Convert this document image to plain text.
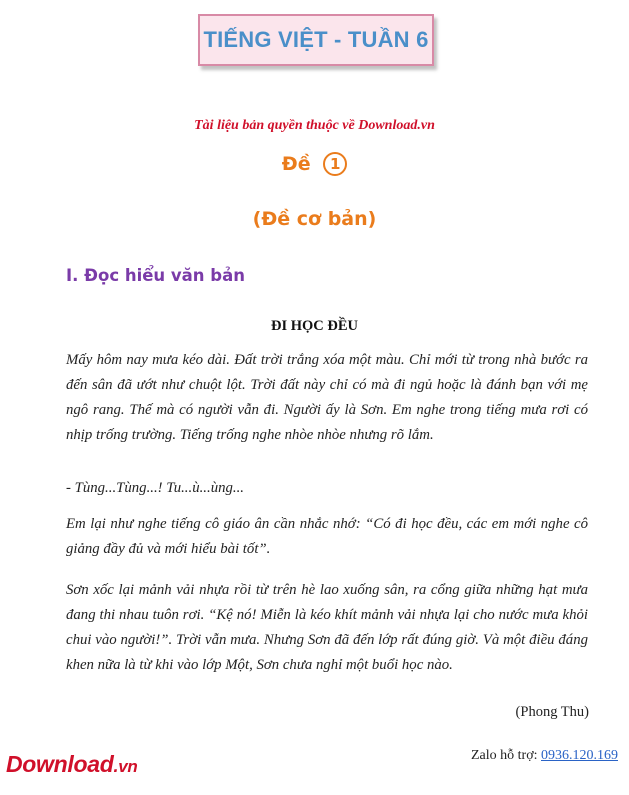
TIẾNG VIỆT - TUẦN 6
Tài liệu bản quyền thuộc về Download.vn
Đề 1
(Đề cơ bản)
I. Đọc hiểu văn bản
ĐI HỌC ĐỀU
Mấy hôm nay mưa kéo dài. Đất trời trắng xóa một màu. Chỉ mới từ trong nhà bước ra đến sân đã ướt như chuột lột. Trời đất này chỉ có mà đi ngủ hoặc là đánh bạn với mẹ ngô rang. Thế mà có người vẫn đi. Người ấy là Sơn. Em nghe trong tiếng mưa rơi có nhịp trống trường. Tiếng trống nghe nhòe nhòe nhưng rõ lắm.
- Tùng...Tùng...! Tu...ù...ùng...
Em lại như nghe tiếng cô giáo ân cần nhắc nhớ: “Có đi học đều, các em mới nghe cô giảng đầy đủ và mới hiểu bài tốt”.
Sơn xốc lại mảnh vải nhựa rồi từ trên hè lao xuống sân, ra cổng giữa những hạt mưa đang thi nhau tuôn rơi. “Kệ nó! Miễn là kéo khít mảnh vải nhựa lại cho nước mưa khỏi chui vào người!”. Trời vẫn mưa. Nhưng Sơn đã đến lớp rất đúng giờ. Và một điều đáng khen nữa là từ khi vào lớp Một, Sơn chưa nghỉ một buổi học nào.
(Phong Thu)
Download.vn
Zalo hỗ trợ: 0936.120.169
